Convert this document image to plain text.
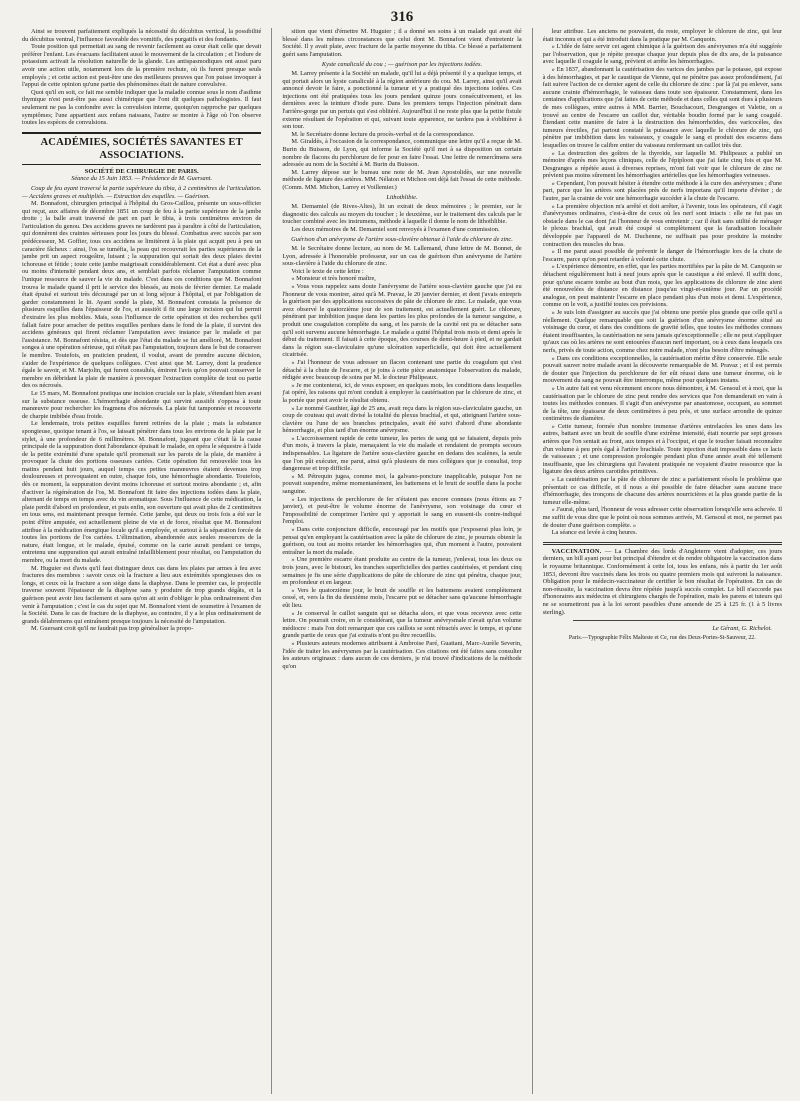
316

Ainsi se trouvent parfaitement expliqués la nécessité du décubitus vertical, la possibilité du décubitus ventral, l'influence favorable des vomitifs, des purgatifs et des fondants.

Toute position qui permettait au sang de revenir facilement au cœur était celle que devait préférer l'enfant. Les évacuans facilitaient aussi le mouvement de la circulation ; et l'iodure de potassium activait la résolution naturelle de la glande. Les antispasmodiques ont aussi paru avoir une action utile, notamment lors de la première rechute, où ils furent presque seuls employés ; et cette action est peut-être une des meilleures preuves que l'on puisse invoquer à l'appui de cette opinion qu'une partie des phénomènes était de nature convulsive.

Quoi qu'il en soit, ce fait me semble indiquer que la maladie connue sous le nom d'asthme thymique n'est peut-être pas aussi chimérique que l'ont dit quelques pathologistes. Il faut seulement ne pas la confondre avec la convulsion interne, quoiqu'en rapproche par quelques symptômes; l'une appartient aux enfans naissans, l'autre se montre à l'âge où l'on observe toutes les espèces de convulsions.

ACADÉMIES, SOCIÉTÉS SAVANTES ET ASSOCIATIONS.
SOCIÉTÉ DE CHIRURGIE DE PARIS.
Séance du 15 Juin 1853. — Présidence de M. Guersant.

Coup de feu ayant traversé la partie supérieure du tibia, à 2 centimètres de l'articulation. — Accidens graves et multipliés. — Extraction des esquilles. — Guérison.

M. Bonnafont, chirurgien principal à l'hôpital du Gros-Caillou, présente un sous-officier qui reçut, aux affaires de décembre 1851 un coup de feu à la partie supérieure de la jambe droite ; la balle avait traversé de part en part le tibia, à trois centimètres environ de l'articulation du genou. Des accidens graves ne tardèrent pas à paraître à côté de l'articulation, qui donnèrent des craintes sérieuses pour les jours du blessé. Combattus avec succès par son prédécesseur, M. Goffier, tous ces accidens se limitèrent à la plaie qui acquit peu à peu un caractère fâcheux : ainsi, l'os se tuméfia, la peau qui recouvrait les parties supérieures de la jambe prit un aspect rougeâtre, luisant ; la suppuration qui sortait des deux plaies devint ichoreuse et fétide ; toute cette jambe maigrissait considérablement. Cet état a duré avec plus ou moins d'intensité pendant deux ans, et semblait parfois réclamer l'amputation comme l'unique ressource de sauver la vie du malade. C'est dans ces conditions que M. Bonnafont trouva le malade quand il prit le service des blessés, au mois de février dernier. Le malade était épuisé et surtout très découragé par un si long séjour à l'hôpital, et par l'obligation de garder constamment le lit. Ayant sondé la plaie, M. Bonnafont constata la présence de plusieurs esquilles dans l'épaisseur de l'os, et aussitôt il fit une large incision qui lui permit d'extraire les plus mobiles. Mais, sous l'influence de cette opération et des recherches qu'il fallait faire pour arracher de petites esquilles perdues dans le fond de la plaie, il survint des accidens généraux qui firent réclamer l'amputation avec instance par le malade et par l'assistance. M. Bonnafont résista, et dès que l'état du malade se fut amélioré, M. Bonnafont songea à une opération sérieuse, qui n'était pas l'amputation, toujours dans le but de conserver le membre. Toutefois, en praticien prudent, il voulut, avant de prendre aucune décision, s'aider de l'expérience de quelques collègues. C'est ainsi que M. Larrey, dont la prudence égale le savoir, et M. Marjolin, qui furent consultés, émirent l'avis qu'on pouvait conserver le membre en débridant la plaie de manière à provoquer l'extraction complète de tout ou partie des os nécrosés.

Le 15 mars, M. Bonnafont pratiqua une incision cruciale sur la plaie, s'étendant bien avant sur la substance osseuse. L'hémorrhagie abondante qui survint aussitôt s'opposa à toute manœuvre pour rechercher les fragmens d'os nécrosés. La plaie fut tamponnée et recouverte de charpie imbibée d'eau froide.

Le lendemain, trois petites esquilles furent retirées de la plaie ; mais la substance spongieuse, quoique tenant à l'os, se laissait pénétrer dans tous les environs de la plaie par le stylet, à une profondeur de 6 millimètres. M. Bonnafont, jugeant que c'était là la cause principale de la suppuration dont l'abondance épuisait le malade, en opéra le séquestre à l'aide de la petite extrémité d'une spatule qu'il promenait sur les parois de la plaie, de manière à provoquer la chute des portions osseuses cariées. Cette opération fut renouvelée tous les matins pendant huit jours, auquel temps ces petites manœuvres étaient devenues trop douloureuses et provoquaient en outre, chaque fois, une hémorrhagie abondante. Toutefois, dès ce moment, la suppuration devint moins ichoreuse et surtout moins abondante ; et, afin d'activer la régénération de l'os, M. Bonnafont fit faire des injections iodées dans la plaie, alternant de temps en temps avec du vin aromatique. Sous l'influence de cette médication, la plaie perdit d'abord en profondeur, et puis enfin, son ouverture qui avait plus de 2 centimètres en tous sens, est maintenant presque fermée. Cette jambe, qui deux ou trois fois a été sur le point d'être amputée, est actuellement pleine de vie et de force, résultat que M. Bonnafont attribue à la médication énergique locale qu'il a employée, et surtout à la séparation forcée de toutes les portions de l'os cariées. L'élimination, abandonnée aux seules ressources de la nature, était longue, et le malade, épuisé, comme on la carie aurait pendant ce temps, entretenu une suppuration qui aurait entraîné infailliblement pour résultat, ou l'amputation du membre, ou la mort du malade.

M. Huguier est d'avis qu'il faut distinguer deux cas dans les plaies par armes à feu avec fractures des membres : savoir ceux où la fracture a lieu aux extrémités spongieuses des os longs, et ceux où la fracture a son siège dans la diaphyse. Dans le premier cas, le projectile traverse souvent l'épaisseur de la diaphyse sans y produire de trop grands dégâts, et la guérison peut avoir lieu facilement et sans qu'on ait soin d'obliger le plus ordinairement d'en venir à l'amputation ; c'est le cas du sujet que M. Bonnafont vient de soumettre à l'examen de la Société. Dans le cas de fracture de la diaphyse, au contraire, il y a le plus ordinairement de grands délabremens qui entraînent presque toujours la nécessité de l'amputation.

M. Guersant croit qu'il ne faudrait pas trop généraliser la propo-

sition que vient d'émettre M. Huguier ; il a donné ses soins à un malade qui avait été blessé dans les mêmes circonstances que celui dont M. Bonnafont vient d'entretenir la Société. Il y avait plaie, avec fracture de la partie moyenne du tibia. Ce blessé a parfaitement guéri sans l'amputation.

Kyste canaliculé du cou ; — guérison par les injections iodées.

M. Larrey présente à la Société un malade, qu'il lui a déjà présenté il y a quelque temps, et qui portait alors un kyste canaliculé à la région antérieure du cou. M. Larrey, ainsi qu'il avait annoncé devoir le faire, a ponctionné la tumeur et y a pratiqué des injections iodées. Ces injections ont été pratiquées tous les jours pendant quinze jours consécutivement, et les dernières avec la teinture d'iode pure. Dans les premiers temps l'injection pénétrait dans l'arrière-gorge par un pertuis qui s'est oblitéré. Aujourd'hui il ne reste plus que la petite fistule externe résultant de l'opération et qui, suivant toute apparence, ne tardera pas à s'oblitérer à son tour.

M. le Secrétaire donne lecture du procès-verbal et de la correspondance.

M. Giraldès, à l'occasion de la correspondance, communique une lettre qu'il a reçue de M. Burin du Buisson, de Lyon, qui informe la Société qu'il met à sa disposition un certain nombre de flacons du perchlorure de fer pour en faire l'essai. Une lettre de remercîmens sera adressée au nom de la Société à M. Burin du Buisson.

M. Larrey dépose sur le bureau une note de M. Jean Apostolidès, sur une nouvelle méthode de ligature des artères. MM. Nélaton et Michon ont déjà fait l'essai de cette méthode. (Comm. MM. Michon, Larrey et Voillemier.)

Lithothlibie.

M. Demamiel (de Rives-Altes), lit un extrait de deux mémoires ; le premier, sur le diagnostic des calculs au moyen du toucher ; le deuxième, sur le traitement des calculs par le toucher combiné avec les instrumens, méthode à laquelle il donne le nom de lithothlibie.

Les deux mémoires de M. Demamiel sont renvoyés à l'examen d'une commission.

Guérison d'un anévrysme de l'artère sous-clavière obtenue à l'aide du chlorure de zinc.

M. le Secrétaire donne lecture, au nom de M. Lallemand, d'une lettre de M. Bonnet, de Lyon, adressée à l'honorable professeur, sur un cas de guérison d'un anévrysme de l'artère sous-clavière à l'aide du chlorure de zinc.

Voici le texte de cette lettre :

« Monsieur et très honoré maître,

» Vous vous rappelez sans doute l'anévrysme de l'artère sous-clavière gauche que j'ai eu l'honneur de vous montrer, ainsi qu'à M. Pravaz, le 20 janvier dernier, et dont j'avais entrepris la guérison par des applications successives de pâte de chlorure de zinc. Le malade, que vous avez observé le quatorzième jour de son traitement, est actuellement guéri. Le chlorure, pénétrant par imbibition jusque dans les parties les plus profondes de la tumeur sanguine, a produit une coagulation complète du sang, et les parois de la cavité ont pu se détacher sans qu'il soit survenu aucune hémorrhagie. Le malade a quitté l'hôpital trois mois et demi après le début du traitement. Il faisait à cette époque, des courses de demi-heure à pied, et ne gardait dans la région sus-claviculaire qu'une ulcération superficielle, qui doit être actuellement cicatrisée.

» J'ai l'honneur de vous adresser un flacon contenant une partie du coagulum qui s'est détaché à la chute de l'escarre, et je joins à cette pièce anatomique l'observation du malade, rédigée avec beaucoup de soins par M. le docteur Philipeaux.

» Je me contenterai, ici, de vous exposer, en quelques mots, les conditions dans lesquelles j'ai opéré, les raisons qui m'ont conduit à employer la cautérisation par le chlorure de zinc, et la portée que peut avoir le résultat obtenu.

» Le nommé Gauthier, âgé de 25 ans, avait reçu dans la région sus-claviculaire gauche, un coup de couteau qui avait divisé la totalité du plexus brachial, et qui, atteignant l'artère sous-clavière ou l'une de ses branches principales, avait été suivi d'abord d'une abondante hémorrhagie, et plus tard d'un énorme anévrysme.

» L'accroissement rapide de cette tumeur, les pertes de sang qui se faisaient, depuis près d'un mois, à travers la plaie, menaçaient la vie du malade et rendaient de prompts secours indispensables. La ligature de l'artère sous-clavière gauche en dedans des scalènes, la seule que l'on pût exécuter, me parut, ainsi qu'à plusieurs de mes collègues que je consultai, trop dangereuse et trop difficile.

» M. Pétrequin jugea, comme moi, la galvano-poncture inapplicable, puisque l'on ne pouvait suspendre, même momentanément, les battemens et le bruit de souffle dans la poche sanguine.

» Les injections de perchlorure de fer n'étaient pas encore connues (nous étions au 7 janvier), et peut-être le volume énorme de l'anévrysme, son voisinage du cœur et l'impossibilité de comprimer l'artère qui y apportait le sang en eussent-ils contre-indiqué l'emploi.

» Dans cette conjoncture difficile, encouragé par les motifs que j'exposerai plus loin, je pensai qu'en employant la cautérisation avec la pâte de chlorure de zinc, je pourrais obtenir la guérison, ou tout au moins retarder les hémorrhagies qui, d'un moment à l'autre, pouvaient entraîner la mort du malade.

» Une première escarre étant produite au centre de la tumeur, j'enlevai, tous les deux ou trois jours, avec le bistouri, les tranches superficielles des parties cautérisées, et pendant cinq semaines je fis une série d'applications de pâte de chlorure de zinc qui pénétra, chaque jour, en profondeur et en largeur.

» Vers le quatorzième jour, le bruit de souffle et les battemens avaient complètement cessé, et, vers la fin du deuxième mois, l'escarre put se détacher sans qu'aucune hémorrhagie eût lieu.

» Je conserval le caillot sanguin qui se détacha alors, et que vous recevrez avec cette lettre. On pourrait croire, en le considérant, que la tumeur anévrysmale n'avait qu'un volume médiocre : mais l'on doit remarquer que ces caillots se sont rétractés avec le temps, et qu'une grande partie de ceux que j'ai extraits n'ont pu être recueillis.

» Plusieurs auteurs modernes attribuent à Ambroise Paré, Guattani, Marc-Aurèle Severin, l'idée de traiter les anévrysmes par la cautérisation. Ces citations ont été faites sans consulter les auteurs originaux : dans aucun de ces derniers, je n'ai trouvé d'indications de la méthode qu'on

leur attribue. Les anciens ne pouvaient, du reste, employer le chlorure de zinc, qui leur était inconnu et qui a été introduit dans la pratique par M. Canquoin.

» L'idée de faire servir cet agent chimique à la guérison des anévrysmes m'a été suggérée par l'observation, que je répète presque chaque jour depuis plus de dix ans, de la puissance avec laquelle il coagule le sang, prévient et arrête les hémorrhagies.

» En 1837, abandonnant la cautérisation des varices des jambes par la potasse, qui expose à des hémorrhagies, et par le caustique de Vienne, qui ne pénètre pas assez profondément, j'ai fait suivre l'action de ce dernier agent de celle du chlorure de zinc : par là j'ai pu enlever, sans aucune crainte d'hémorrhagie, le vaisseau dans toute son épaisseur. Constamment, dans les centaines d'applications que j'ai faites de cette méthode et dans celles qui sont dues à plusieurs de mes collègues, entre autres à MM. Barrier, Bouchacourt, Desgranges et Valette, on a trouvé au centre de l'escarre un caillot dur, véritable boudin formé par le sang coagulé. Étendant cette manière de faire à la destruction des hémorrhoïdes, des varicocèles, des tumeurs érectiles, j'ai partout constaté la puissance avec laquelle le chlorure de zinc, qui pénètre par imbibition dans les vaisseaux, y coagule le sang et produit des escarres dans lesquelles on trouve le calibre entier du vaisseau renfermant un caillot très dur.

» La destruction des goîtres de la thyroïde, sur laquelle M. Philipeaux a publié un mémoire d'après mes leçons cliniques, celle de l'épiploon que j'ai faite cinq fois et que M. Desgranges a répétée aussi à diverses reprises, m'ont fait voir que le chlorure de zinc ne prévient pas moins sûrement les hémorrhagies artérielles que les hémorrhagies veineuses.

» Cependant, l'on pouvait hésiter à étendre cette méthode à la cure des anévrysmes ; d'une part, parce que les artères sont placées près de nerfs importans qu'il importe d'éviter ; de l'autre, par la crainte de voir une hémorrhagie succéder à la chute de l'escarre.

» La première objection m'a arrêté et doit arrêter, à l'avenir, tous les opérateurs, s'il s'agit d'anévrysmes ordinaires, c'est-à-dire de ceux où les nerf sont intacts : elle ne fut pas un obstacle dans le cas dont j'ai l'honneur de vous entretenir ; car il était sans utilité de ménager le plexus brachial, qui avait été coupé si complètement que la faradisation localisée développée par l'appareil de M. Duchenne, ne suffisait pas pour produire la moindre contraction des muscles du bras.

» Il me parut aussi possible de prévenir le danger de l'hémorrhagie lors de la chute de l'escarre, parce qu'on peut retarder à volonté cette chute.

» L'expérience démontre, en effet, que les parties mortifiées par la pâte de M. Canquoin se détachent régulièrement huit à neuf jours après que le caustique a été enlevé. Il suffit donc, pour qu'une escarre tombe au bout d'un mois, que les applications de chlorure de zinc aient été renouvelées de distance en distance jusqu'au vingt-et-unième jour. Par un procédé analogue, on peut maintenir l'escarre en place pendant plus d'un mois et demi. L'expérience, comme on le voit, a justifié toutes ces prévisions.

» Je suis loin d'assigner au succès que j'ai obtenu une portée plus grande que celle qu'il a réellement. Quelque remarquable que soit la guérison d'un anévrysme énorme situé au voisinage du cœur, et dans des conditions de gravité telles, que toutes les méthodes connues étaient insuffisantes, la cautérisation ne sera jamais qu'exceptionnelle ; elle ne peut s'appliquer qu'aux cas où les artères ne sont entourées d'aucun nerf important, ou à ceux dans lesquels ces nerfs, privés de toute action, comme chez notre malade, n'ont plus besoin d'être ménagés.

» Dans ces conditions exceptionnelles, la cautérisation mérite d'être conservée. Elle seule pouvait sauver notre malade avant la découverte remarquable de M. Pravaz ; et il est permis de douter que l'injection du perchlorure de fer eût réussi dans une tumeur énorme, où le mouvement du sang ne pouvait être interrompu, même pour quelques instans.

» Un autre fait est venu récemment encore nous démontrer, à M. Gensoul et à moi, que la cautérisation par le chlorure de zinc peut rendre des services que l'on demanderait en vain à toutes les méthodes connues. Il s'agit d'un anévrysme par anastomose, occupant, au sommet de la tête, une épaisseur de deux centimètres à peu près, et une surface arrondie de quinze centimètres de diamètre.

» Cette tumeur, formée d'un nombre immense d'artères entrelacées les unes dans les autres, battant avec un bruit de souffle d'une extrême intensité, était nourrie par sept grosses artères que l'on sentait au front, aux tempes et à l'occiput, et que le toucher faisait reconnaître d'un volume à peu près égal à l'artère brachiale. Toute injection était impossible dans ce lacis de vaisseaux ; et une compression prolongée pendant plus d'une année avait été tellement insuffisante, que les chirurgiens qui l'avaient pratiquée ne voyaient d'autre ressource que la ligature des deux artères carotides primitives.

» La cautérisation par la pâte de chlorure de zinc a parfaitement résolu le problème que présentait ce cas difficile, et il nous a été possible de faire détacher sans aucune trace d'hémorrhagie, des tronçons de chacune des artères nourricières et la plus grande partie de la tumeur elle-même.

» J'aurai, plus tard, l'honneur de vous adresser cette observation lorsqu'elle sera achevée. Il me suffit de vous dire que le point où nous sommes arrivés, M. Gensoul et moi, ne permet pas de douter d'une guérison complète. »

La séance est levée à cinq heures.

VACCINATION. — La Chambre des lords d'Angleterre vient d'adopter, ces jours derniers, un bill ayant pour but principal d'étendre et de rendre obligatoire la vaccination dans le royaume britannique. Conformément à cette loi, tous les enfans, nés à partir du 1er août 1853, devront être vaccinés dans les trois ou quatre premiers mois qui suivront la naissance. Obligation pour le médecin-vaccinateur de certifier le bon résultat de l'opération. En cas de non-réussite, la vaccination devra être répétée jusqu'à succès complet. Le bill n'accorde pas d'honoraires aux médecins et chirurgiens chargés de l'opération, mais les parens et tuteurs qui ne se soumettront pas à la loi seront passibles d'une amende de 25 à 125 fr. (1 à 5 livres sterling).

Le Gérant, G. Richelot.
Paris.—Typographie Félix Malteste et Ce, rue des Deux-Portes-St-Sauveur, 22.
